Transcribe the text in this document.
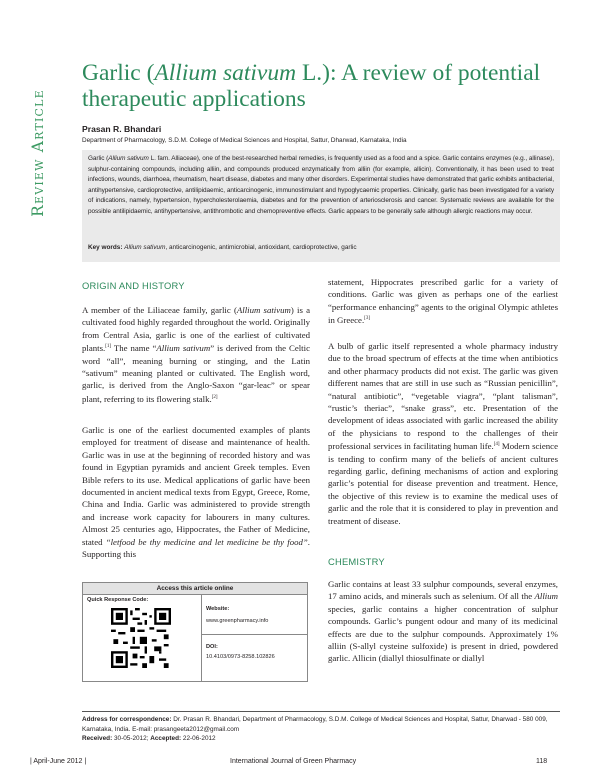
Review Article
Garlic (Allium sativum L.): A review of potential therapeutic applications
Prasan R. Bhandari
Department of Pharmacology, S.D.M. College of Medical Sciences and Hospital, Sattur, Dharwad, Karnataka, India

Garlic (Allium sativum L. fam. Alliaceae), one of the best-researched herbal remedies, is frequently used as a food and a spice. Garlic contains enzymes (e.g., allinase), sulphur-containing compounds, including alliin, and compounds produced enzymatically from alliin (for example, allicin). Conventionally, it has been used to treat infections, wounds, diarrhoea, rheumatism, heart disease, diabetes and many other disorders. Experimental studies have demonstrated that garlic exhibits antibacterial, antihypertensive, cardioprotective, antilipidaemic, anticarcinogenic, immunostimulant and hypoglycaemic properties. Clinically, garlic has been investigated for a variety of indications, namely, hypertension, hypercholesterolaemia, diabetes and for the prevention of arteriosclerosis and cancer. Systematic reviews are available for the possible antilipidaemic, antihypertensive, antithrombotic and chemopreventive effects. Garlic appears to be generally safe although allergic reactions may occur.

Key words: Allium sativum, anticarcinogenic, antimicrobial, antioxidant, cardioprotective, garlic
ORIGIN AND HISTORY

A member of the Liliaceae family, garlic (Allium sativum) is a cultivated food highly regarded throughout the world. Originally from Central Asia, garlic is one of the earliest of cultivated plants.[1] The name “Allium sativum” is derived from the Celtic word “all”, meaning burning or stinging, and the Latin “sativum” meaning planted or cultivated. The English word, garlic, is derived from the Anglo-Saxon “gar-leac” or spear plant, referring to its flowering stalk.[2]

Garlic is one of the earliest documented examples of plants employed for treatment of disease and maintenance of health. Garlic was in use at the beginning of recorded history and was found in Egyptian pyramids and ancient Greek temples. Even Bible refers to its use. Medical applications of garlic have been documented in ancient medical texts from Egypt, Greece, Rome, China and India. Garlic was administered to provide strength and increase work capacity for labourers in many cultures. Almost 25 centuries ago, Hippocrates, the Father of Medicine, stated “letfood be thy medicine and let medicine be thy food”. Supporting this

Access this article online
Quick Response Code:
Website:
www.greenpharmacy.info
DOI:
10.4103/0973-8258.102826

statement, Hippocrates prescribed garlic for a variety of conditions. Garlic was given as perhaps one of the earliest “performance enhancing” agents to the original Olympic athletes in Greece.[3]

A bulb of garlic itself represented a whole pharmacy industry due to the broad spectrum of effects at the time when antibiotics and other pharmacy products did not exist. The garlic was given different names that are still in use such as “Russian penicillin”, “natural antibiotic”, “vegetable viagra”, “plant talisman”, “rustic’s theriac”, “snake grass”, etc. Presentation of the development of ideas associated with garlic increased the ability of the physicians to respond to the challenges of their professional services in facilitating human life.[4] Modern science is tending to confirm many of the beliefs of ancient cultures regarding garlic, defining mechanisms of action and exploring garlic’s potential for disease prevention and treatment. Hence, the objective of this review is to examine the medical uses of garlic and the role that it is considered to play in prevention and treatment of disease.

CHEMISTRY

Garlic contains at least 33 sulphur compounds, several enzymes, 17 amino acids, and minerals such as selenium. Of all the Allium species, garlic contains a higher concentration of sulphur compounds. Garlic’s pungent odour and many of its medicinal effects are due to the sulphur compounds. Approximately 1% alliin (S-allyl cysteine sulfoxide) is present in dried, powdered garlic. Allicin (diallyl thiosulfinate or diallyl

Address for correspondence: Dr. Prasan R. Bhandari, Department of Pharmacology, S.D.M. College of Medical Sciences and Hospital, Sattur, Dharwad - 580 009, Karnataka, India. E-mail: prasangeeta2012@gmail.com
Received: 30-05-2012; Accepted: 22-06-2012
| April-June 2012 |	International Journal of Green Pharmacy	118
